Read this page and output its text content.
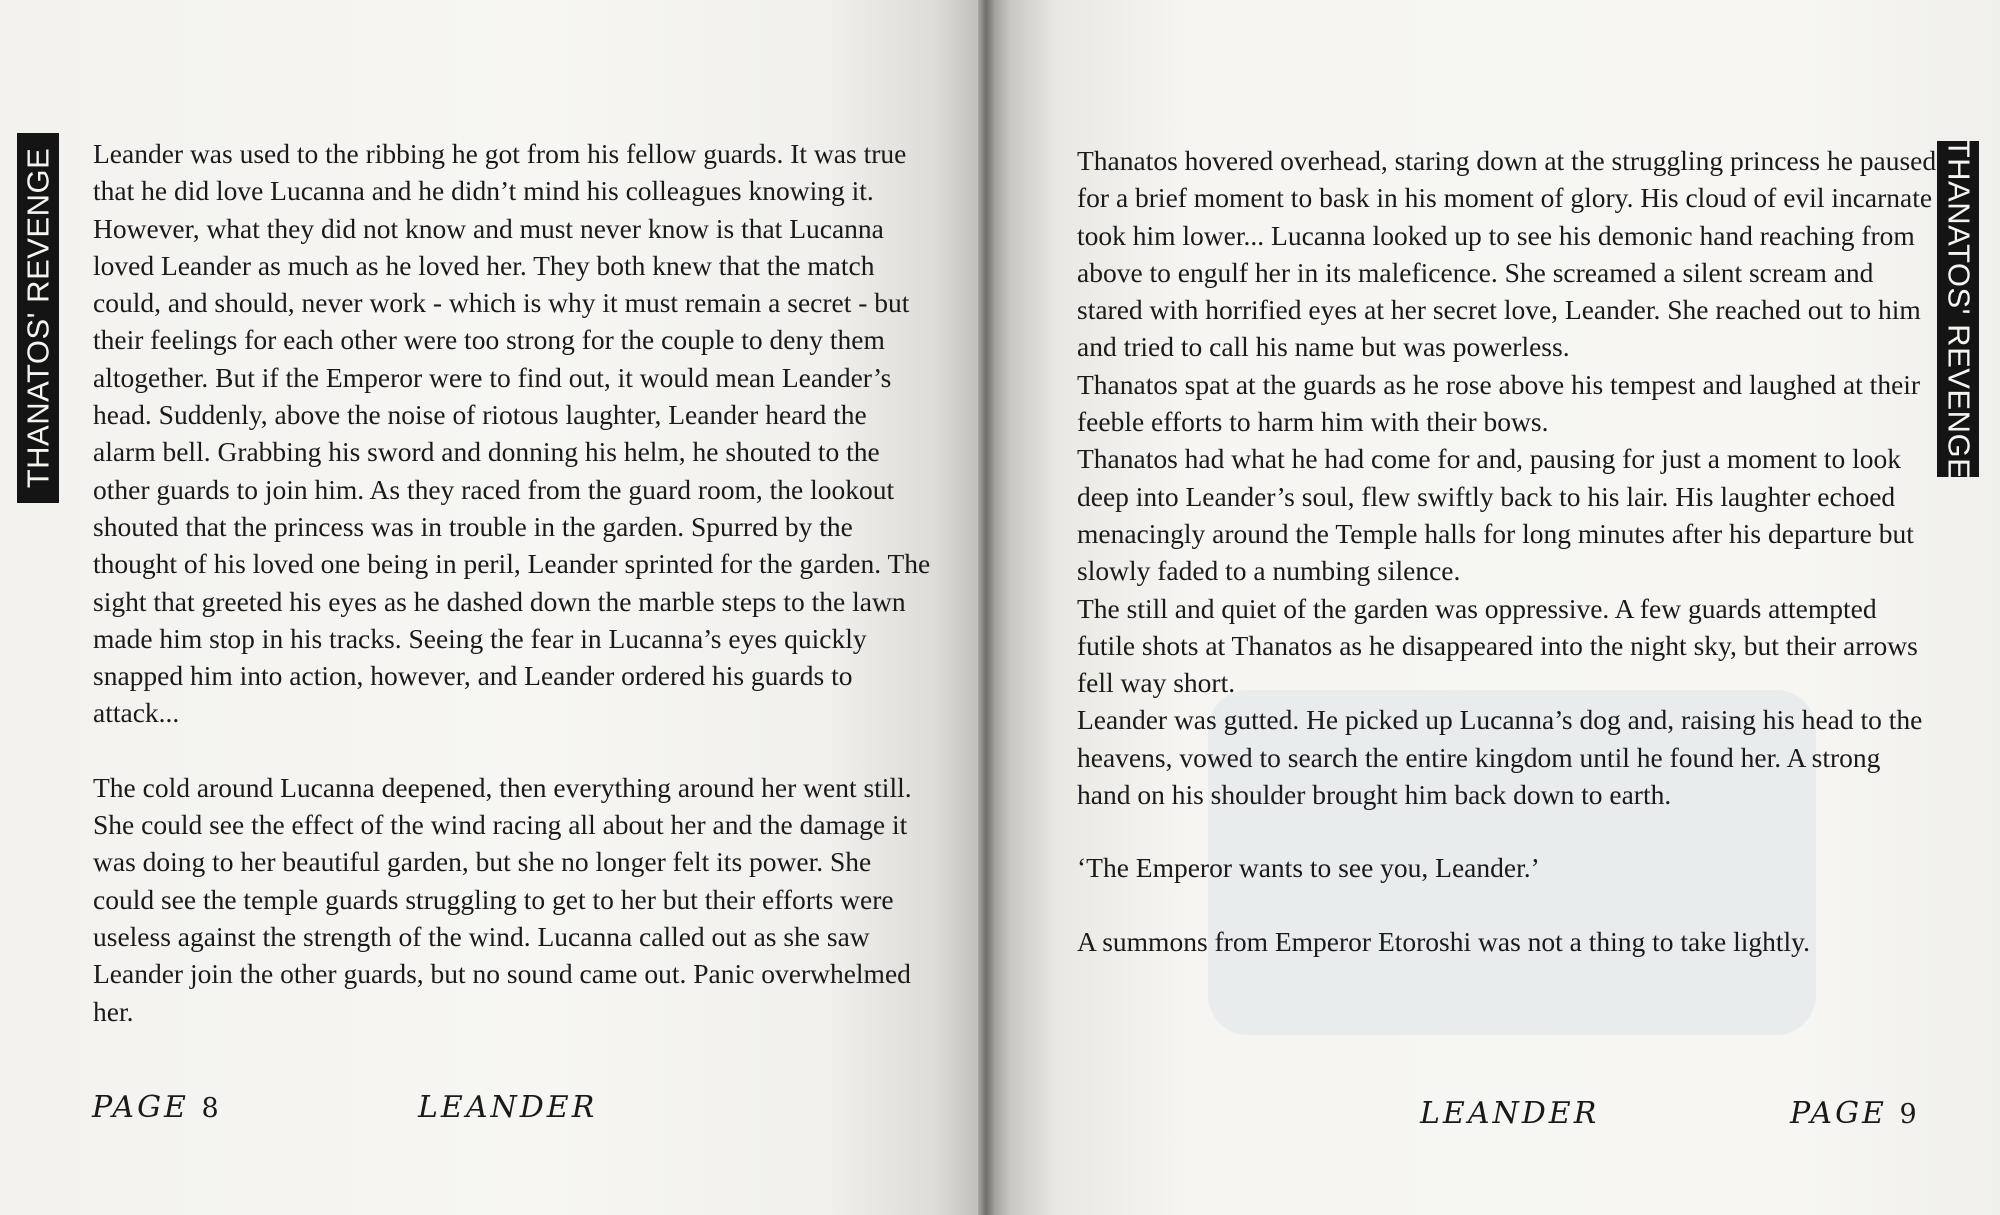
THANATOS' REVENGE	THANATOS' REVENGE

Leander was used to the ribbing he got from his fellow guards. It was true that he did love Lucanna and he didn’t mind his colleagues knowing it. However, what they did not know and must never know is that Lucanna loved Leander as much as he loved her. They both knew that the match could, and should, never work - which is why it must remain a secret - but their feelings for each other were too strong for the couple to deny them altogether. But if the Emperor were to find out, it would mean Leander’s head. Suddenly, above the noise of riotous laughter, Leander heard the alarm bell. Grabbing his sword and donning his helm, he shouted to the other guards to join him. As they raced from the guard room, the lookout shouted that the princess was in trouble in the garden. Spurred by the thought of his loved one being in peril, Leander sprinted for the garden. The sight that greeted his eyes as he dashed down the marble steps to the lawn made him stop in his tracks. Seeing the fear in Lucanna’s eyes quickly snapped him into action, however, and Leander ordered his guards to attack...

The cold around Lucanna deepened, then everything around her went still. She could see the effect of the wind racing all about her and the damage it was doing to her beautiful garden, but she no longer felt its power. She could see the temple guards struggling to get to her but their efforts were useless against the strength of the wind. Lucanna called out as she saw Leander join the other guards, but no sound came out. Panic overwhelmed her.

Thanatos hovered overhead, staring down at the struggling princess he paused for a brief moment to bask in his moment of glory. His cloud of evil incarnate took him lower... Lucanna looked up to see his demonic hand reaching from above to engulf her in its maleficence. She screamed a silent scream and stared with horrified eyes at her secret love, Leander. She reached out to him and tried to call his name but was powerless.

Thanatos spat at the guards as he rose above his tempest and laughed at their feeble efforts to harm him with their bows.

Thanatos had what he had come for and, pausing for just a moment to look deep into Leander’s soul, flew swiftly back to his lair. His laughter echoed menacingly around the Temple halls for long minutes after his departure but slowly faded to a numbing silence.

The still and quiet of the garden was oppressive. A few guards attempted futile shots at Thanatos as he disappeared into the night sky, but their arrows fell way short.

Leander was gutted. He picked up Lucanna’s dog and, raising his head to the heavens, vowed to search the entire kingdom until he found her. A strong hand on his shoulder brought him back down to earth.

‘The Emperor wants to see you, Leander.’

A summons from Emperor Etoroshi was not a thing to take lightly.

PAGE 8	LEANDER	LEANDER	PAGE 9
